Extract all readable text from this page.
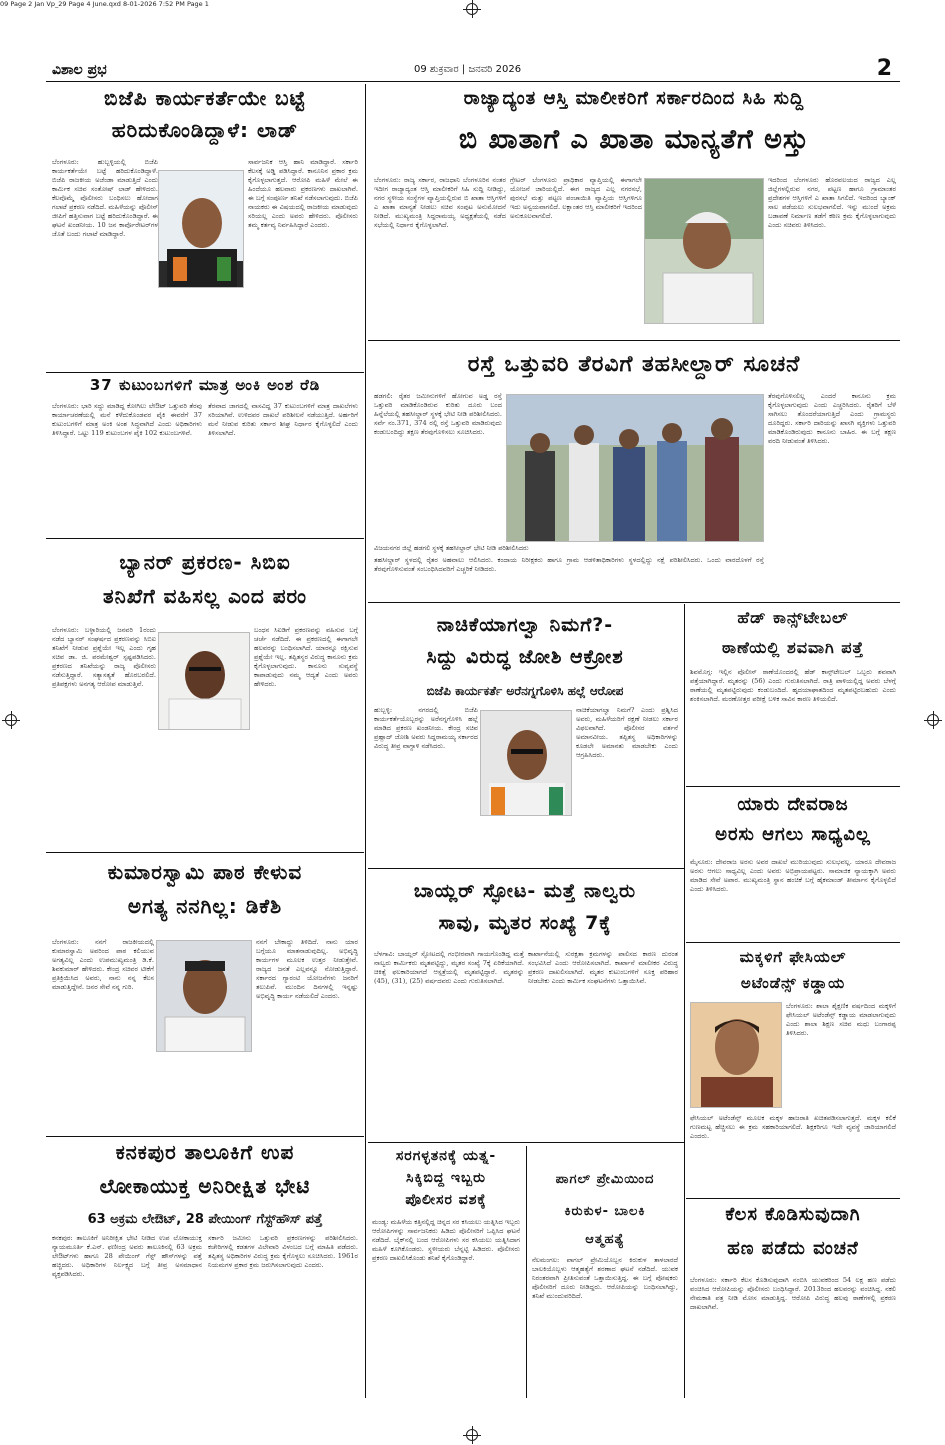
09 Page 2 Jan Vp_29 Page 4 June.qxd 8-01-2026 7:52 PM Page 1
ವಿಶಾಲ ಪ್ರಭ	09 ಶುಕ್ರವಾರ | ಜನವರಿ 2026	2
ಬಿಜೆಪಿ ಕಾರ್ಯಕರ್ತೆಯೇ ಬಟ್ಟೆ
ಹರಿದುಕೊಂಡಿದ್ದಾಳೆ: ಲಾಡ್
ಬೆಂಗಳೂರು: ಹುಬ್ಬಳ್ಳಿಯಲ್ಲಿ ಬಿಜೆಪಿ ಕಾರ್ಯಕರ್ತೆಯೇ ಬಟ್ಟೆ ಹರಿದುಕೊಂಡಿದ್ದಾಳೆ. ಬಿಜೆಪಿ ರಾಜಕೀಯ ಅಜೆಂಡಾ ಮಾಡುತ್ತಿದೆ ಎಂದು ಕಾರ್ಮಿಕ ಸಚಿವ ಸಂತೋಷ್ ಲಾಡ್ ಹೇಳಿದರು. ಕೆಲವೊಮ್ಮೆ ಪೊಲೀಸರು ಬಂಧಿಸಲು ಹೋದಾಗ ಗಲಾಟೆ ಪ್ರಕರಣ ನಡೆದಿದೆ. ಮಹಿಳೆಯನ್ನು ಪೊಲೀಸ್ ಜೀಪಿಗೆ ಹತ್ತಿಸುವಾಗ ಬಟ್ಟೆ ಹರಿದುಕೊಂಡಿದ್ದಾರೆ. ಈ ಘಟನೆ ಖಂಡನೀಯ. 10 ಜನ ಕಾರ್ಪೊರೇಟರ್‌ಗಳ ಜೊತೆ ಬಂದು ಗಲಾಟೆ ಮಾಡಿದ್ದಾರೆ.
ಸಾರ್ವಜನಿಕ ಆಸ್ತಿ ಹಾನಿ ಮಾಡಿದ್ದಾರೆ. ಸರ್ಕಾರಿ ಕೆಲಸಕ್ಕೆ ಅಡ್ಡಿ ಪಡಿಸಿದ್ದಾರೆ. ಕಾನೂನಿನ ಪ್ರಕಾರ ಕ್ರಮ ಕೈಗೊಳ್ಳಲಾಗುತ್ತದೆ. ಆರೋಪಿ ಮಹಿಳೆ ಮೇಲೆ ಈ ಹಿಂದೆಯೂ ಹಲವಾರು ಪ್ರಕರಣಗಳು ದಾಖಲಾಗಿವೆ. ಈ ಬಗ್ಗೆ ಸಂಪೂರ್ಣ ತನಿಖೆ ನಡೆಸಲಾಗುವುದು. ಬಿಜೆಪಿ ನಾಯಕರು ಈ ವಿಷಯದಲ್ಲಿ ರಾಜಕೀಯ ಮಾಡುವುದು ಸರಿಯಲ್ಲ ಎಂದು ಅವರು ಹೇಳಿದರು. ಪೊಲೀಸರು ತಮ್ಮ ಕರ್ತವ್ಯ ನಿರ್ವಹಿಸಿದ್ದಾರೆ ಎಂದರು.
37 ಕುಟುಂಬಗಳಿಗೆ ಮಾತ್ರ ಅಂಕಿ ಅಂಶ ರೆಡಿ
ಬೆಂಗಳೂರು: ಭಾರಿ ಸದ್ದು ಮಾಡಿದ್ದ ಕೋಗಿಲು ಲೇಔಟ್ ಒತ್ತುವರಿ ತೆರವು ಕಾರ್ಯಾಚರಣೆಯಲ್ಲಿ ಮನೆ ಕಳೆದುಕೊಂಡವರ ಪೈಕಿ ಈವರೆಗೆ 37 ಕುಟುಂಬಗಳಿಗೆ ಮಾತ್ರ ಅಂಕಿ ಅಂಶ ಸಿದ್ಧವಾಗಿದೆ ಎಂದು ಅಧಿಕಾರಿಗಳು ತಿಳಿಸಿದ್ದಾರೆ. ಒಟ್ಟು 119 ಕುಟುಂಬಗಳ ಪೈಕಿ 102 ಕುಟುಂಬಗಳಿವೆ.
ತೆರವಾದ ಜಾಗದಲ್ಲಿ ವಾಸವಿದ್ದ 37 ಕುಟುಂಬಗಳಿಗೆ ಮಾತ್ರ ದಾಖಲೆಗಳು ಸರಿಯಾಗಿವೆ. ಉಳಿದವರ ದಾಖಲೆ ಪರಿಶೀಲನೆ ನಡೆಯುತ್ತಿದೆ. ಅರ್ಹರಿಗೆ ಮನೆ ನೀಡುವ ಕುರಿತು ಸರ್ಕಾರ ಶೀಘ್ರ ನಿರ್ಧಾರ ಕೈಗೊಳ್ಳಲಿದೆ ಎಂದು ತಿಳಿಸಲಾಗಿದೆ.
ಬ್ಯಾನರ್ ಪ್ರಕರಣ- ಸಿಬಿಐ
ತನಿಖೆಗೆ ವಹಿಸಲ್ಲ ಎಂದ ಪರಂ
ಬೆಂಗಳೂರು: ಬಳ್ಳಾರಿಯಲ್ಲಿ ಜನವರಿ 1ರಂದು ನಡೆದ ಬ್ಯಾನರ್ ಸಂಘರ್ಷದ ಪ್ರಕರಣವನ್ನು ಸಿಬಿಐ ತನಿಖೆಗೆ ನೀಡುವ ಪ್ರಶ್ನೆಯೇ ಇಲ್ಲ ಎಂದು ಗೃಹ ಸಚಿವ ಡಾ. ಜಿ. ಪರಮೇಶ್ವರ್ ಸ್ಪಷ್ಟಪಡಿಸಿದರು. ಪ್ರಕರಣದ ತನಿಖೆಯನ್ನು ರಾಜ್ಯ ಪೊಲೀಸರು ನಡೆಸುತ್ತಿದ್ದಾರೆ. ಸತ್ಯಾಸತ್ಯತೆ ಹೊರಬರಲಿದೆ. ಪ್ರತಿಪಕ್ಷಗಳು ಅನಗತ್ಯ ಆರೋಪ ಮಾಡುತ್ತಿವೆ.
ಬಂಧನ ಸಿಐಡಿಗೆ ಪ್ರಕರಣವನ್ನು ವಹಿಸುವ ಬಗ್ಗೆ ಚರ್ಚೆ ನಡೆದಿದೆ. ಈ ಪ್ರಕರಣದಲ್ಲಿ ಈಗಾಗಲೇ ಹಲವರನ್ನು ಬಂಧಿಸಲಾಗಿದೆ. ಯಾರನ್ನೂ ರಕ್ಷಿಸುವ ಪ್ರಶ್ನೆಯೇ ಇಲ್ಲ. ತಪ್ಪಿತಸ್ಥರ ವಿರುದ್ಧ ಕಾನೂನು ಕ್ರಮ ಕೈಗೊಳ್ಳಲಾಗುವುದು. ಕಾನೂನು ಸುವ್ಯವಸ್ಥೆ ಕಾಪಾಡುವುದು ನಮ್ಮ ಆದ್ಯತೆ ಎಂದು ಅವರು ಹೇಳಿದರು.
ಕುಮಾರಸ್ವಾಮಿ ಪಾಠ ಕೇಳುವ
ಅಗತ್ಯ ನನಗಿಲ್ಲ: ಡಿಕೆಶಿ
ಬೆಂಗಳೂರು: ನನಗೆ ರಾಜಕೀಯದಲ್ಲಿ ಕುಮಾರಸ್ವಾಮಿ ಅವರಿಂದ ಪಾಠ ಕಲಿಯುವ ಅಗತ್ಯವಿಲ್ಲ ಎಂದು ಉಪಮುಖ್ಯಮಂತ್ರಿ ಡಿ.ಕೆ. ಶಿವಕುಮಾರ್ ಹೇಳಿದರು. ಕೇಂದ್ರ ಸಚಿವರ ಟೀಕೆಗೆ ಪ್ರತಿಕ್ರಿಯಿಸಿದ ಅವರು, ನಾನು ನನ್ನ ಕೆಲಸ ಮಾಡುತ್ತಿದ್ದೇನೆ. ಜನರ ಸೇವೆ ನನ್ನ ಗುರಿ.
ನನಗೆ ಬೇಕಾದ್ದು ತಿಳಿದಿದೆ. ನಾನು ಯಾರ ಬಗ್ಗೆಯೂ ಮಾತನಾಡುವುದಿಲ್ಲ. ಅಭಿವೃದ್ಧಿ ಕಾರ್ಯಗಳ ಮೂಲಕ ಉತ್ತರ ನೀಡುತ್ತೇವೆ. ರಾಜ್ಯದ ಜನತೆ ಎಲ್ಲವನ್ನೂ ನೋಡುತ್ತಿದ್ದಾರೆ. ಸರ್ಕಾರದ ಗ್ಯಾರಂಟಿ ಯೋಜನೆಗಳು ಜನರಿಗೆ ತಲುಪಿವೆ. ಮುಂದಿನ ದಿನಗಳಲ್ಲಿ ಇನ್ನಷ್ಟು ಅಭಿವೃದ್ಧಿ ಕಾರ್ಯ ನಡೆಯಲಿದೆ ಎಂದರು.
ಕನಕಪುರ ತಾಲೂಕಿಗೆ ಉಪ
ಲೋಕಾಯುಕ್ತ ಅನಿರೀಕ್ಷಿತ ಭೇಟಿ
63 ಅಕ್ರಮ ಲೇಔಟ್, 28 ಪೇಯಿಂಗ್ ಗೆಸ್ಟ್‌ಹೌಸ್ ಪತ್ತೆ
ಕನಕಪುರ: ತಾಲೂಕಿಗೆ ಅನಿರೀಕ್ಷಿತ ಭೇಟಿ ನೀಡಿದ ಉಪ ಲೋಕಾಯುಕ್ತ ನ್ಯಾಯಮೂರ್ತಿ ಕೆ.ಎನ್. ಫಣೀಂದ್ರ ಅವರು ತಾಲೂಕಿನಲ್ಲಿ 63 ಅಕ್ರಮ ಲೇಔಟ್‌ಗಳು ಹಾಗೂ 28 ಪೇಯಿಂಗ್ ಗೆಸ್ಟ್ ಹೌಸ್‌ಗಳನ್ನು ಪತ್ತೆ ಹಚ್ಚಿದರು. ಅಧಿಕಾರಿಗಳ ನಿರ್ಲಕ್ಷ್ಯದ ಬಗ್ಗೆ ತೀವ್ರ ಅಸಮಾಧಾನ ವ್ಯಕ್ತಪಡಿಸಿದರು.
ಸರ್ಕಾರಿ ಜಮೀನು ಒತ್ತುವರಿ ಪ್ರಕರಣಗಳನ್ನು ಪರಿಶೀಲಿಸಿದರು. ಕಚೇರಿಗಳಲ್ಲಿ ಕಡತಗಳ ವಿಲೇವಾರಿ ವಿಳಂಬದ ಬಗ್ಗೆ ಮಾಹಿತಿ ಪಡೆದರು. ತಪ್ಪಿತಸ್ಥ ಅಧಿಕಾರಿಗಳ ವಿರುದ್ಧ ಕ್ರಮ ಕೈಗೊಳ್ಳಲು ಸೂಚಿಸಿದರು. 1961ರ ನಿಯಮಗಳ ಪ್ರಕಾರ ಕ್ರಮ ಜರುಗಿಸಲಾಗುವುದು ಎಂದರು.
ರಾಜ್ಯಾದ್ಯಂತ ಆಸ್ತಿ ಮಾಲೀಕರಿಗೆ ಸರ್ಕಾರದಿಂದ ಸಿಹಿ ಸುದ್ದಿ
ಬಿ ಖಾತಾಗೆ ಎ ಖಾತಾ ಮಾನ್ಯತೆಗೆ ಅಸ್ತು
ಬೆಂಗಳೂರು: ರಾಜ್ಯ ಸರ್ಕಾರ, ರಾಜಧಾನಿ ಬೆಂಗಳೂರಿನ ನಂತರ ಇದೀಗ ರಾಜ್ಯಾದ್ಯಂತ ಆಸ್ತಿ ಮಾಲೀಕರಿಗೆ ಸಿಹಿ ಸುದ್ದಿ ನೀಡಿದ್ದು, ನಗರ ಸ್ಥಳೀಯ ಸಂಸ್ಥೆಗಳ ವ್ಯಾಪ್ತಿಯಲ್ಲಿರುವ ಬಿ ಖಾತಾ ಆಸ್ತಿಗಳಿಗೆ ಎ ಖಾತಾ ಮಾನ್ಯತೆ ನೀಡಲು ಸಚಿವ ಸಂಪುಟ ಅನುಮೋದನೆ ನೀಡಿದೆ. ಮುಖ್ಯಮಂತ್ರಿ ಸಿದ್ದರಾಮಯ್ಯ ಅಧ್ಯಕ್ಷತೆಯಲ್ಲಿ ನಡೆದ ಸಭೆಯಲ್ಲಿ ನಿರ್ಧಾರ ಕೈಗೊಳ್ಳಲಾಗಿದೆ.
ಗ್ರೇಟರ್ ಬೆಂಗಳೂರು ಪ್ರಾಧಿಕಾರ ವ್ಯಾಪ್ತಿಯಲ್ಲಿ ಈಗಾಗಲೇ ಯೋಜನೆ ಜಾರಿಯಲ್ಲಿದೆ. ಈಗ ರಾಜ್ಯದ ಎಲ್ಲ ನಗರಸಭೆ, ಪುರಸಭೆ ಮತ್ತು ಪಟ್ಟಣ ಪಂಚಾಯಿತಿ ವ್ಯಾಪ್ತಿಯ ಆಸ್ತಿಗಳಿಗೂ ಇದು ಅನ್ವಯವಾಗಲಿದೆ. ಲಕ್ಷಾಂತರ ಆಸ್ತಿ ಮಾಲೀಕರಿಗೆ ಇದರಿಂದ ಅನುಕೂಲವಾಗಲಿದೆ.
ಇದರಿಂದ ಬೆಂಗಳೂರು ಹೊರವಲಯದ ರಾಜ್ಯದ ಎಲ್ಲ ಜಿಲ್ಲೆಗಳಲ್ಲಿರುವ ನಗರ, ಪಟ್ಟಣ ಹಾಗೂ ಗ್ರಾಮಾಂತರ ಪ್ರದೇಶಗಳ ಆಸ್ತಿಗಳಿಗೆ ಎ ಖಾತಾ ಸಿಗಲಿದೆ. ಇದರಿಂದ ಬ್ಯಾಂಕ್ ಸಾಲ ಪಡೆಯಲು ಸುಲಭವಾಗಲಿದೆ. ಇನ್ನು ಮುಂದೆ ಅಕ್ರಮ ಬಡಾವಣೆ ನಿರ್ಮಾಣ ತಡೆಗೆ ಕಠಿಣ ಕ್ರಮ ಕೈಗೊಳ್ಳಲಾಗುವುದು ಎಂದು ಸಚಿವರು ತಿಳಿಸಿದರು.
ರಸ್ತೆ ಒತ್ತುವರಿ ತೆರವಿಗೆ ತಹಸೀಲ್ದಾರ್ ಸೂಚನೆ
ಹಡಗಲಿ: ರೈತರ ಜಮೀನುಗಳಿಗೆ ಹೋಗುವ ಅಡ್ಡ ರಸ್ತೆ ಒತ್ತುವರಿ ಮಾಡಿಕೊಂಡಿರುವ ಕುರಿತು ದೂರು ಬಂದ ಹಿನ್ನೆಲೆಯಲ್ಲಿ ತಹಸೀಲ್ದಾರ್ ಸ್ಥಳಕ್ಕೆ ಭೇಟಿ ನೀಡಿ ಪರಿಶೀಲಿಸಿದರು. ಸರ್ವೆ ನಂ.371, 374 ರಲ್ಲಿ ರಸ್ತೆ ಒತ್ತುವರಿ ಮಾಡಿರುವುದು ಕಂಡುಬಂದಿದ್ದು ತಕ್ಷಣ ತೆರವುಗೊಳಿಸಲು ಸೂಚಿಸಿದರು.
ವಿಜಯನಗರ ಜಿಲ್ಲೆ ಹಡಗಲಿ ಸ್ಥಳಕ್ಕೆ ತಹಸೀಲ್ದಾರ್ ಭೇಟಿ ನೀಡಿ ಪರಿಶೀಲಿಸಿದರು
ತೆರವುಗೊಳಿಸಲಿಲ್ಲ ಎಂದರೆ ಕಾನೂನು ಕ್ರಮ ಕೈಗೊಳ್ಳಲಾಗುವುದು ಎಂದು ಎಚ್ಚರಿಸಿದರು. ರೈತರಿಗೆ ಬೆಳೆ ಸಾಗಿಸಲು ತೊಂದರೆಯಾಗುತ್ತಿದೆ ಎಂದು ಗ್ರಾಮಸ್ಥರು ದೂರಿದ್ದರು. ಸರ್ಕಾರಿ ದಾರಿಯನ್ನು ಖಾಸಗಿ ವ್ಯಕ್ತಿಗಳು ಒತ್ತುವರಿ ಮಾಡಿಕೊಂಡಿರುವುದು ಕಾನೂನು ಬಾಹಿರ. ಈ ಬಗ್ಗೆ ತಕ್ಷಣ ವರದಿ ನೀಡುವಂತೆ ತಿಳಿಸಿದರು.
ತಹಸೀಲ್ದಾರ್ ಸ್ಥಳದಲ್ಲಿ ರೈತರ ಅಹವಾಲು ಆಲಿಸಿದರು. ಕಂದಾಯ ನಿರೀಕ್ಷಕರು ಹಾಗೂ ಗ್ರಾಮ ಆಡಳಿತಾಧಿಕಾರಿಗಳು ಸ್ಥಳದಲ್ಲಿದ್ದು ನಕ್ಷೆ ಪರಿಶೀಲಿಸಿದರು. ಒಂದು ವಾರದೊಳಗೆ ರಸ್ತೆ ತೆರವುಗೊಳಿಸುವಂತೆ ಸಂಬಂಧಿಸಿದವರಿಗೆ ಎಚ್ಚರಿಕೆ ನೀಡಿದರು.
ನಾಚಿಕೆಯಾಗಲ್ವಾ ನಿಮಗೆ?-
ಸಿದ್ದು ವಿರುದ್ಧ ಜೋಶಿ ಆಕ್ರೋಶ
ಬಿಜೆಪಿ ಕಾರ್ಯಕರ್ತೆ ಅರೆನಗ್ನಗೊಳಿಸಿ ಹಲ್ಲೆ ಆರೋಪ
ಹುಬ್ಬಳ್ಳಿ: ನಗರದಲ್ಲಿ ಬಿಜೆಪಿ ಕಾರ್ಯಕರ್ತೆಯೊಬ್ಬರನ್ನು ಅರೆನಗ್ನಗೊಳಿಸಿ ಹಲ್ಲೆ ಮಾಡಿದ ಪ್ರಕರಣ ಖಂಡನೀಯ. ಕೇಂದ್ರ ಸಚಿವ ಪ್ರಹ್ಲಾದ್ ಜೋಶಿ ಅವರು ಸಿದ್ದರಾಮಯ್ಯ ಸರ್ಕಾರದ ವಿರುದ್ಧ ತೀವ್ರ ವಾಗ್ದಾಳಿ ನಡೆಸಿದರು.
ನಾಚಿಕೆಯಾಗಲ್ವಾ ನಿಮಗೆ? ಎಂದು ಪ್ರಶ್ನಿಸಿದ ಅವರು, ಮಹಿಳೆಯರಿಗೆ ರಕ್ಷಣೆ ನೀಡಲು ಸರ್ಕಾರ ವಿಫಲವಾಗಿದೆ. ಪೊಲೀಸರ ವರ್ತನೆ ಅಮಾನವೀಯ. ತಪ್ಪಿತಸ್ಥ ಅಧಿಕಾರಿಗಳನ್ನು ಕೂಡಲೇ ಅಮಾನತು ಮಾಡಬೇಕು ಎಂದು ಆಗ್ರಹಿಸಿದರು.
ಬಾಯ್ಲರ್ ಸ್ಫೋಟ- ಮತ್ತೆ ನಾಲ್ವರು
ಸಾವು, ಮೃತರ ಸಂಖ್ಯೆ 7ಕ್ಕೆ
ಬೆಳಗಾವಿ: ಬಾಯ್ಲರ್ ಸ್ಫೋಟದಲ್ಲಿ ಗಂಭೀರವಾಗಿ ಗಾಯಗೊಂಡಿದ್ದ ಮತ್ತೆ ನಾಲ್ವರು ಕಾರ್ಮಿಕರು ಮೃತಪಟ್ಟಿದ್ದು, ಮೃತರ ಸಂಖ್ಯೆ 7ಕ್ಕೆ ಏರಿಕೆಯಾಗಿದೆ. ಚಿಕಿತ್ಸೆ ಫಲಕಾರಿಯಾಗದೆ ಆಸ್ಪತ್ರೆಯಲ್ಲಿ ಮೃತಪಟ್ಟಿದ್ದಾರೆ. ಮೃತರನ್ನು (45), (31), (25) ವರ್ಷದವರು ಎಂದು ಗುರುತಿಸಲಾಗಿದೆ.
ಕಾರ್ಖಾನೆಯಲ್ಲಿ ಸುರಕ್ಷತಾ ಕ್ರಮಗಳನ್ನು ಪಾಲಿಸದ ಕಾರಣ ದುರಂತ ಸಂಭವಿಸಿದೆ ಎಂದು ಆರೋಪಿಸಲಾಗಿದೆ. ಕಾರ್ಖಾನೆ ಮಾಲೀಕರ ವಿರುದ್ಧ ಪ್ರಕರಣ ದಾಖಲಿಸಲಾಗಿದೆ. ಮೃತರ ಕುಟುಂಬಗಳಿಗೆ ಸೂಕ್ತ ಪರಿಹಾರ ನೀಡಬೇಕು ಎಂದು ಕಾರ್ಮಿಕ ಸಂಘಟನೆಗಳು ಒತ್ತಾಯಿಸಿವೆ.
ಸರಗಳ್ಳತನಕ್ಕೆ ಯತ್ನ-
ಸಿಕ್ಕಿಬಿದ್ದ ಇಬ್ಬರು
ಪೊಲೀಸರ ವಶಕ್ಕೆ
ಮಂಡ್ಯ: ಮಹಿಳೆಯ ಕತ್ತಿನಲ್ಲಿದ್ದ ಚಿನ್ನದ ಸರ ಕಸಿಯಲು ಯತ್ನಿಸಿದ ಇಬ್ಬರು ಆರೋಪಿಗಳನ್ನು ಸಾರ್ವಜನಿಕರು ಹಿಡಿದು ಪೊಲೀಸರಿಗೆ ಒಪ್ಪಿಸಿದ ಘಟನೆ ನಡೆದಿದೆ. ಬೈಕ್‌ನಲ್ಲಿ ಬಂದ ಆರೋಪಿಗಳು ಸರ ಕಸಿಯಲು ಯತ್ನಿಸಿದಾಗ ಮಹಿಳೆ ಕೂಗಿಕೊಂಡರು. ಸ್ಥಳೀಯರು ಬೆನ್ನಟ್ಟಿ ಹಿಡಿದರು. ಪೊಲೀಸರು ಪ್ರಕರಣ ದಾಖಲಿಸಿಕೊಂಡು ತನಿಖೆ ಕೈಗೊಂಡಿದ್ದಾರೆ.
ಪಾಗಲ್ ಪ್ರೇಮಿಯಿಂದ
ಕಿರುಕುಳ- ಬಾಲಕಿ
ಆತ್ಮಹತ್ಯೆ
ನೆಲಮಂಗಲ: ಪಾಗಲ್ ಪ್ರೇಮಿಯೊಬ್ಬನ ಕಿರುಕುಳ ತಾಳಲಾರದೆ ಬಾಲಕಿಯೊಬ್ಬಳು ಆತ್ಮಹತ್ಯೆಗೆ ಶರಣಾದ ಘಟನೆ ನಡೆದಿದೆ. ಯುವಕ ನಿರಂತರವಾಗಿ ಪ್ರೀತಿಸುವಂತೆ ಒತ್ತಾಯಿಸುತ್ತಿದ್ದ. ಈ ಬಗ್ಗೆ ಪೋಷಕರು ಪೊಲೀಸರಿಗೆ ದೂರು ನೀಡಿದ್ದರು. ಆರೋಪಿಯನ್ನು ಬಂಧಿಸಲಾಗಿದ್ದು, ತನಿಖೆ ಮುಂದುವರಿದಿದೆ.
ಹೆಡ್ ಕಾನ್ಸ್‌ಟೇಬಲ್
ಠಾಣೆಯಲ್ಲಿ ಶವವಾಗಿ ಪತ್ತೆ
ಶಿವಮೊಗ್ಗ: ಇಲ್ಲಿನ ಪೊಲೀಸ್ ಠಾಣೆಯೊಂದರಲ್ಲಿ ಹೆಡ್ ಕಾನ್ಸ್‌ಟೇಬಲ್ ಒಬ್ಬರು ಶವವಾಗಿ ಪತ್ತೆಯಾಗಿದ್ದಾರೆ. ಮೃತರನ್ನು (56) ಎಂದು ಗುರುತಿಸಲಾಗಿದೆ. ರಾತ್ರಿ ಪಾಳಿಯಲ್ಲಿದ್ದ ಅವರು ಬೆಳಗ್ಗೆ ಠಾಣೆಯಲ್ಲಿ ಮೃತಪಟ್ಟಿರುವುದು ಕಂಡುಬಂದಿದೆ. ಹೃದಯಾಘಾತದಿಂದ ಮೃತಪಟ್ಟಿರಬಹುದು ಎಂದು ಶಂಕಿಸಲಾಗಿದೆ. ಮರಣೋತ್ತರ ಪರೀಕ್ಷೆ ಬಳಿಕ ಸಾವಿನ ಕಾರಣ ತಿಳಿಯಲಿದೆ.
ಯಾರು ದೇವರಾಜ
ಅರಸು ಆಗಲು ಸಾಧ್ಯವಿಲ್ಲ
ಮೈಸೂರು: ದೇವರಾಜ ಅರಸು ಅವರ ದಾಖಲೆ ಮುರಿಯುವುದು ಸುಲಭವಲ್ಲ. ಯಾರೂ ದೇವರಾಜ ಅರಸು ಆಗಲು ಸಾಧ್ಯವಿಲ್ಲ ಎಂದು ಅವರು ಅಭಿಪ್ರಾಯಪಟ್ಟರು. ಸಾಮಾಜಿಕ ನ್ಯಾಯಕ್ಕಾಗಿ ಅವರು ಮಾಡಿದ ಸೇವೆ ಅಪಾರ. ಮುಖ್ಯಮಂತ್ರಿ ಸ್ಥಾನ ಹಂಚಿಕೆ ಬಗ್ಗೆ ಹೈಕಮಾಂಡ್ ತೀರ್ಮಾನ ಕೈಗೊಳ್ಳಲಿದೆ ಎಂದು ತಿಳಿಸಿದರು.
ಮಕ್ಕಳಿಗೆ ಫೇಸಿಯಲ್
ಅಟೆಂಡೆನ್ಸ್ ಕಡ್ಡಾಯ
ಬೆಂಗಳೂರು: ಶಾಲಾ ಶೈಕ್ಷಣಿಕ ವರ್ಷದಿಂದ ಮಕ್ಕಳಿಗೆ ಫೇಸಿಯಲ್ ಅಟೆಂಡೆನ್ಸ್ ಕಡ್ಡಾಯ ಮಾಡಲಾಗುವುದು ಎಂದು ಶಾಲಾ ಶಿಕ್ಷಣ ಸಚಿವ ಮಧು ಬಂಗಾರಪ್ಪ ತಿಳಿಸಿದರು.
ಫೇಸಿಯಲ್ ಅಟೆಂಡೆನ್ಸ್ ಮೂಲಕ ಮಕ್ಕಳ ಹಾಜರಾತಿ ಖಚಿತಪಡಿಸಲಾಗುತ್ತದೆ. ಮಕ್ಕಳ ಕಲಿಕೆ ಗುಣಮಟ್ಟ ಹೆಚ್ಚಿಸಲು ಈ ಕ್ರಮ ಸಹಕಾರಿಯಾಗಲಿದೆ. ಶಿಕ್ಷಕರಿಗೂ ಇದೇ ವ್ಯವಸ್ಥೆ ಜಾರಿಯಾಗಲಿದೆ ಎಂದರು.
ಕೆಲಸ ಕೊಡಿಸುವುದಾಗಿ
ಹಣ ಪಡೆದು ವಂಚನೆ
ಬೆಂಗಳೂರು: ಸರ್ಕಾರಿ ಕೆಲಸ ಕೊಡಿಸುವುದಾಗಿ ನಂಬಿಸಿ ಯುವಕರಿಂದ 54 ಲಕ್ಷ ಹಣ ಪಡೆದು ವಂಚಿಸಿದ ಆರೋಪಿಯನ್ನು ಪೊಲೀಸರು ಬಂಧಿಸಿದ್ದಾರೆ. 2013ರಿಂದ ಹಲವರನ್ನು ವಂಚಿಸಿದ್ದ. ನಕಲಿ ನೇಮಕಾತಿ ಪತ್ರ ನೀಡಿ ಮೋಸ ಮಾಡುತ್ತಿದ್ದ. ಆರೋಪಿ ವಿರುದ್ಧ ಹಲವು ಠಾಣೆಗಳಲ್ಲಿ ಪ್ರಕರಣ ದಾಖಲಾಗಿವೆ.
